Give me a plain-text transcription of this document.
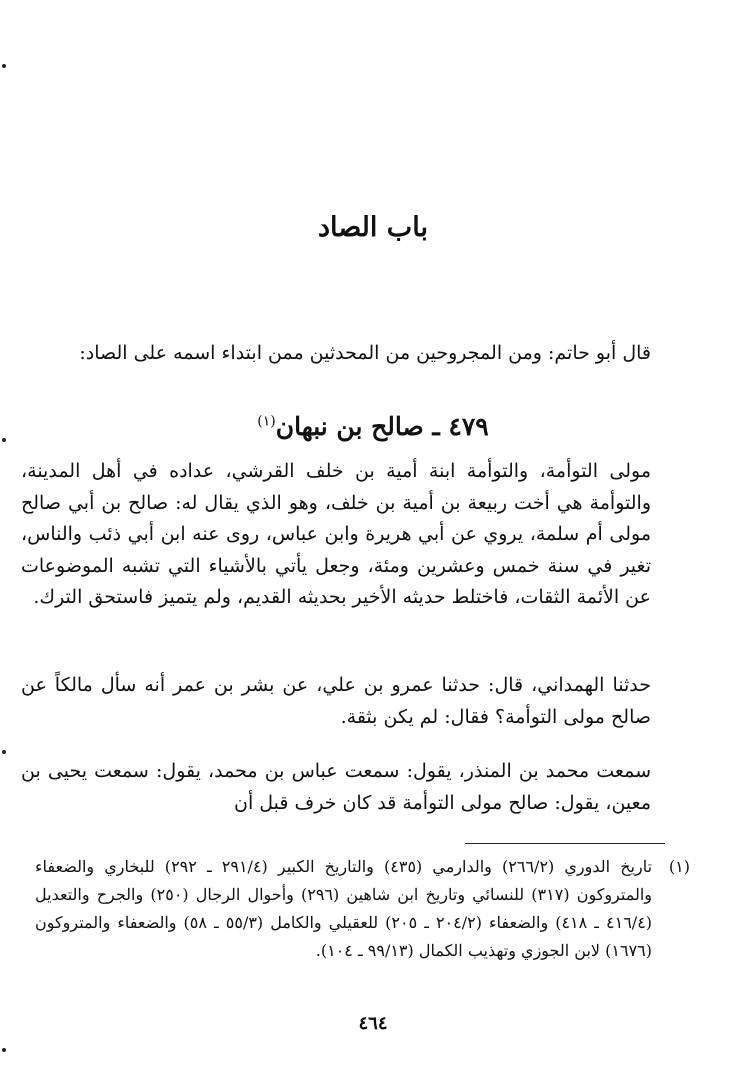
باب الصاد
قال أبو حاتم: ومن المجروحين من المحدثين ممن ابتداء اسمه على الصاد:
٤٧٩ ـ صالح بن نبهان$^{(١)}$

مولى التوأمة، والتوأمة ابنة أمية بن خلف القرشي، عداده في أهل المدينة، والتوأمة هي أخت ربيعة بن أمية بن خلف، وهو الذي يقال له: صالح بن أبي صالح مولى أم سلمة، يروي عن أبي هريرة وابن عباس، روى عنه ابن أبي ذئب والناس، تغير في سنة خمس وعشرين ومئة، وجعل يأتي بالأشياء التي تشبه الموضوعات عن الأئمة الثقات، فاختلط حديثه الأخير بحديثه القديم، ولم يتميز فاستحق الترك.

حدثنا الهمداني، قال: حدثنا عمرو بن علي، عن بشر بن عمر أنه سأل مالكاً عن صالح مولى التوأمة؟ فقال: لم يكن بثقة.

سمعت محمد بن المنذر، يقول: سمعت عباس بن محمد، يقول: سمعت يحيى بن معين، يقول: صالح مولى التوأمة قد كان خرف قبل أن

(١)
تاريخ الدوري (٢٦٦/٢) والدارمي (٤٣٥) والتاريخ الكبير (٢٩١/٤ ـ ٢٩٢) للبخاري والضعفاء والمتروكون (٣١٧) للنسائي وتاريخ ابن شاهين (٢٩٦) وأحوال الرجال (٢٥٠) والجرح والتعديل (٤١٦/٤ ـ ٤١٨) والضعفاء (٢٠٤/٢ ـ ٢٠٥) للعقيلي والكامل (٥٥/٣ ـ ٥٨) والضعفاء والمتروكون (١٦٧٦) لابن الجوزي وتهذيب الكمال (٩٩/١٣ ـ ١٠٤).
٤٦٤
